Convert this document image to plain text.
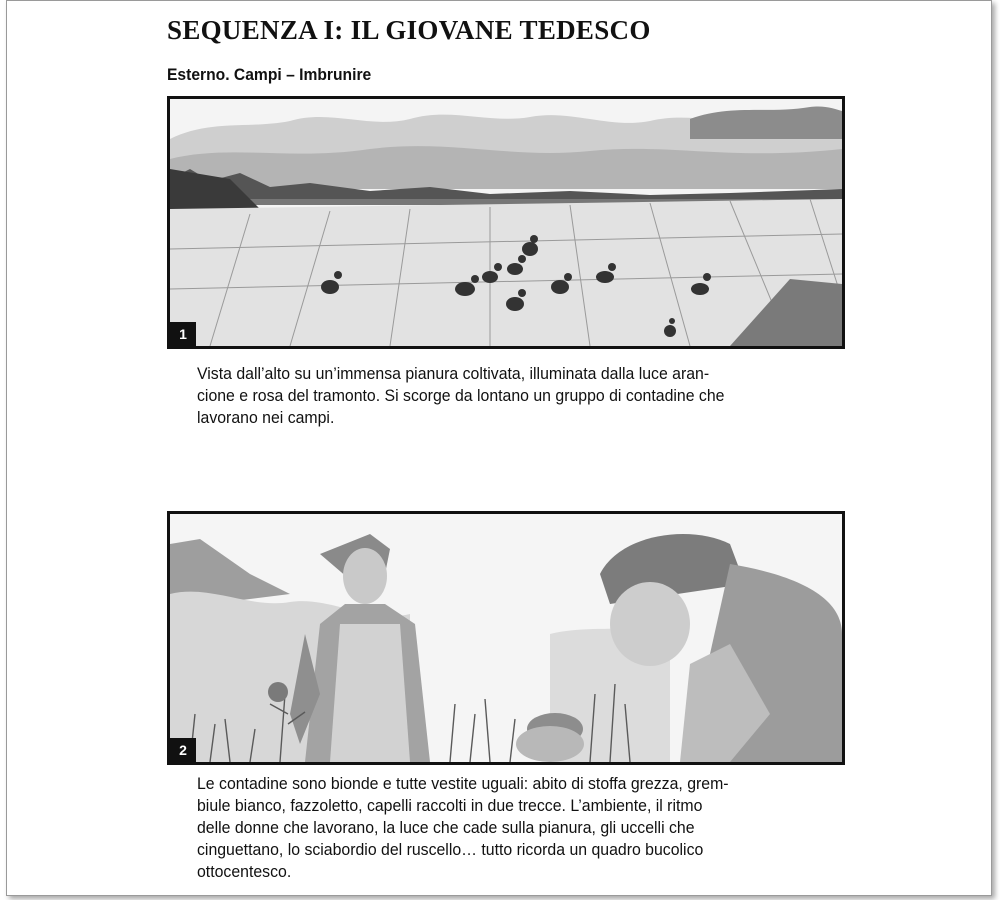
SEQUENZA I: IL GIOVANE TEDESCO
Esterno. Campi – Imbrunire
1

Vista dall’alto su un’immensa pianura coltivata, illuminata dalla luce aran-
cione e rosa del tramonto. Si scorge da lontano un gruppo di contadine che
lavorano nei campi.

2

Le contadine sono bionde e tutte vestite uguali: abito di stoffa grezza, grem-
biule bianco, fazzoletto, capelli raccolti in due trecce. L’ambiente, il ritmo
delle donne che lavorano, la luce che cade sulla pianura, gli uccelli che
cinguettano, lo sciabordio del ruscello… tutto ricorda un quadro bucolico
ottocentesco.
